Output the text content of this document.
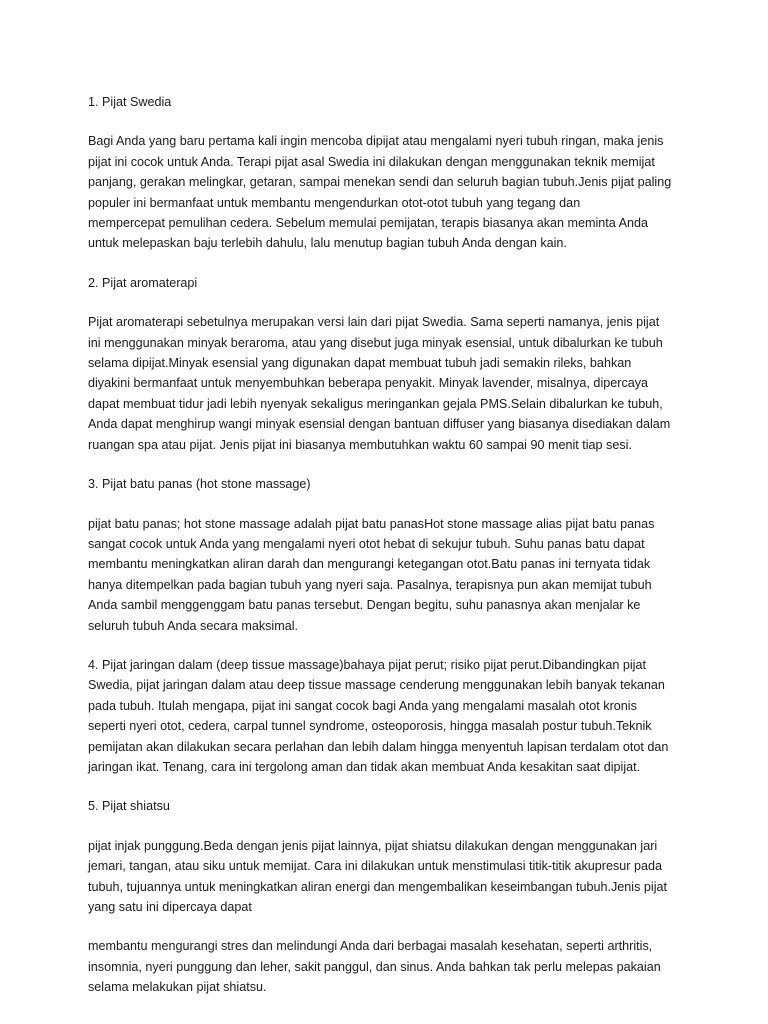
1. Pijat Swedia
Bagi Anda yang baru pertama kali ingin mencoba dipijat atau mengalami nyeri tubuh ringan, maka jenis
pijat ini cocok untuk Anda. Terapi pijat asal Swedia ini dilakukan dengan menggunakan teknik memijat
panjang, gerakan melingkar, getaran, sampai menekan sendi dan seluruh bagian tubuh.Jenis pijat paling
populer ini bermanfaat untuk membantu mengendurkan otot-otot tubuh yang tegang dan
mempercepat pemulihan cedera. Sebelum memulai pemijatan, terapis biasanya akan meminta Anda
untuk melepaskan baju terlebih dahulu, lalu menutup bagian tubuh Anda dengan kain.
2. Pijat aromaterapi
Pijat aromaterapi sebetulnya merupakan versi lain dari pijat Swedia. Sama seperti namanya, jenis pijat
ini menggunakan minyak beraroma, atau yang disebut juga minyak esensial, untuk dibalurkan ke tubuh
selama dipijat.Minyak esensial yang digunakan dapat membuat tubuh jadi semakin rileks, bahkan
diyakini bermanfaat untuk menyembuhkan beberapa penyakit. Minyak lavender, misalnya, dipercaya
dapat membuat tidur jadi lebih nyenyak sekaligus meringankan gejala PMS.Selain dibalurkan ke tubuh,
Anda dapat menghirup wangi minyak esensial dengan bantuan diffuser yang biasanya disediakan dalam
ruangan spa atau pijat. Jenis pijat ini biasanya membutuhkan waktu 60 sampai 90 menit tiap sesi.
3. Pijat batu panas (hot stone massage)
pijat batu panas; hot stone massage adalah pijat batu panasHot stone massage alias pijat batu panas
sangat cocok untuk Anda yang mengalami nyeri otot hebat di sekujur tubuh. Suhu panas batu dapat
membantu meningkatkan aliran darah dan mengurangi ketegangan otot.Batu panas ini ternyata tidak
hanya ditempelkan pada bagian tubuh yang nyeri saja. Pasalnya, terapisnya pun akan memijat tubuh
Anda sambil menggenggam batu panas tersebut. Dengan begitu, suhu panasnya akan menjalar ke
seluruh tubuh Anda secara maksimal.
4. Pijat jaringan dalam (deep tissue massage)bahaya pijat perut; risiko pijat perut.Dibandingkan pijat
Swedia, pijat jaringan dalam atau deep tissue massage cenderung menggunakan lebih banyak tekanan
pada tubuh. Itulah mengapa, pijat ini sangat cocok bagi Anda yang mengalami masalah otot kronis
seperti nyeri otot, cedera, carpal tunnel syndrome, osteoporosis, hingga masalah postur tubuh.Teknik
pemijatan akan dilakukan secara perlahan dan lebih dalam hingga menyentuh lapisan terdalam otot dan
jaringan ikat. Tenang, cara ini tergolong aman dan tidak akan membuat Anda kesakitan saat dipijat.
5. Pijat shiatsu
pijat injak punggung.Beda dengan jenis pijat lainnya, pijat shiatsu dilakukan dengan menggunakan jari
jemari, tangan, atau siku untuk memijat. Cara ini dilakukan untuk menstimulasi titik-titik akupresur pada
tubuh, tujuannya untuk meningkatkan aliran energi dan mengembalikan keseimbangan tubuh.Jenis pijat
yang satu ini dipercaya dapat
membantu mengurangi stres dan melindungi Anda dari berbagai masalah kesehatan, seperti arthritis,
insomnia, nyeri punggung dan leher, sakit panggul, dan sinus. Anda bahkan tak perlu melepas pakaian
selama melakukan pijat shiatsu.
